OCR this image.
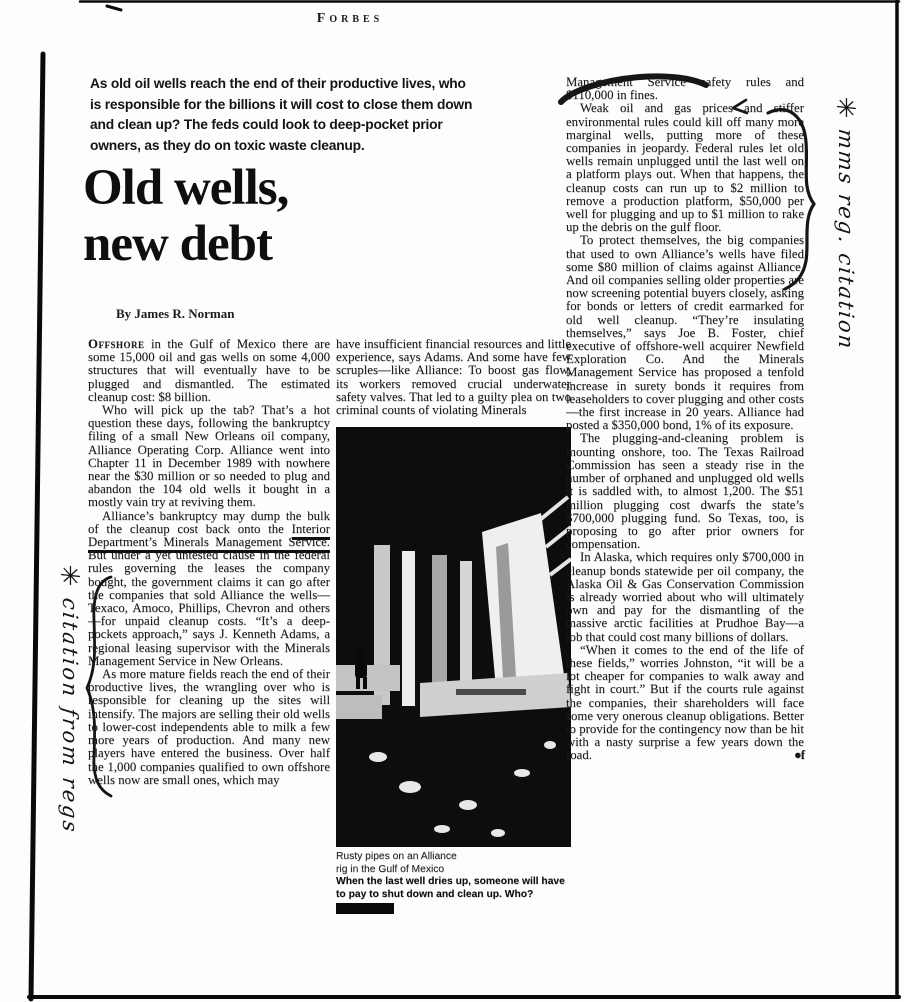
Forbes
As old oil wells reach the end of their productive lives, who is responsible for the billions it will cost to close them down and clean up? The feds could look to deep-pocket prior owners, as they do on toxic waste cleanup.
Old wells,
new debt
By James R. Norman

Offshore in the Gulf of Mexico there are some 15,000 oil and gas wells on some 4,000 structures that will eventually have to be plugged and dismantled. The estimated cleanup cost: $8 billion.

Who will pick up the tab? That’s a hot question these days, following the bankruptcy filing of a small New Orleans oil company, Alliance Operating Corp. Alliance went into Chapter 11 in December 1989 with nowhere near the $30 million or so needed to plug and abandon the 104 old wells it bought in a mostly vain try at reviving them.

Alliance’s bankruptcy may dump the bulk of the cleanup cost back onto the Interior Department’s Minerals Management Service. But under a yet untested clause in the federal rules governing the leases the company bought, the government claims it can go after the companies that sold Alliance the wells—Texaco, Amoco, Phillips, Chevron and others—for unpaid cleanup costs. “It’s a deep-pockets approach,” says J. Kenneth Adams, a regional leasing supervisor with the Minerals Management Service in New Orleans.

As more mature fields reach the end of their productive lives, the wrangling over who is responsible for cleaning up the sites will intensify. The majors are selling their old wells to lower-cost independents able to milk a few more years of production. And many new players have entered the business. Over half the 1,000 companies qualified to own offshore wells now are small ones, which may

have insufficient financial resources and little experience, says Adams. And some have few scruples—like Alliance: To boost gas flow, its workers removed crucial underwater safety valves. That led to a guilty plea on two criminal counts of violating Minerals

Rusty pipes on an Alliance
rig in the Gulf of Mexico
When the last well dries up, someone will have to pay to shut down and clean up. Who?

Management Service safety rules and $110,000 in fines.

Weak oil and gas prices and stiffer environmental rules could kill off many more marginal wells, putting more of these companies in jeopardy. Federal rules let old wells remain unplugged until the last well on a platform plays out. When that happens, the cleanup costs can run up to $2 million to remove a production platform, $50,000 per well for plugging and up to $1 million to rake up the debris on the gulf floor.

To protect themselves, the big companies that used to own Alliance’s wells have filed some $80 million of claims against Alliance. And oil companies selling older properties are now screening potential buyers closely, asking for bonds or letters of credit earmarked for old well cleanup. “They’re insulating themselves,” says Joe B. Foster, chief executive of offshore-well acquirer Newfield Exploration Co. And the Minerals Management Service has proposed a tenfold increase in surety bonds it requires from leaseholders to cover plugging and other costs—the first increase in 20 years. Alliance had posted a $350,000 bond, 1% of its exposure.

The plugging-and-cleaning problem is mounting onshore, too. The Texas Railroad Commission has seen a steady rise in the number of orphaned and unplugged old wells it is saddled with, to almost 1,200. The $51 million plugging cost dwarfs the state’s $700,000 plugging fund. So Texas, too, is proposing to go after prior owners for compensation.

In Alaska, which requires only $700,000 in cleanup bonds statewide per oil company, the Alaska Oil & Gas Conservation Commission is already worried about who will ultimately own and pay for the dismantling of the massive arctic facilities at Prudhoe Bay—a job that could cost many billions of dollars.

“When it comes to the end of the life of these fields,” worries Johnston, “it will be a lot cheaper for companies to walk away and fight in court.” But if the courts rule against the companies, their shareholders will face some very onerous cleanup obligations. Better to provide for the contingency now than be hit with a nasty surprise a few years down the road.	●f

✳ mms reg. citation
✳ citation from regs
